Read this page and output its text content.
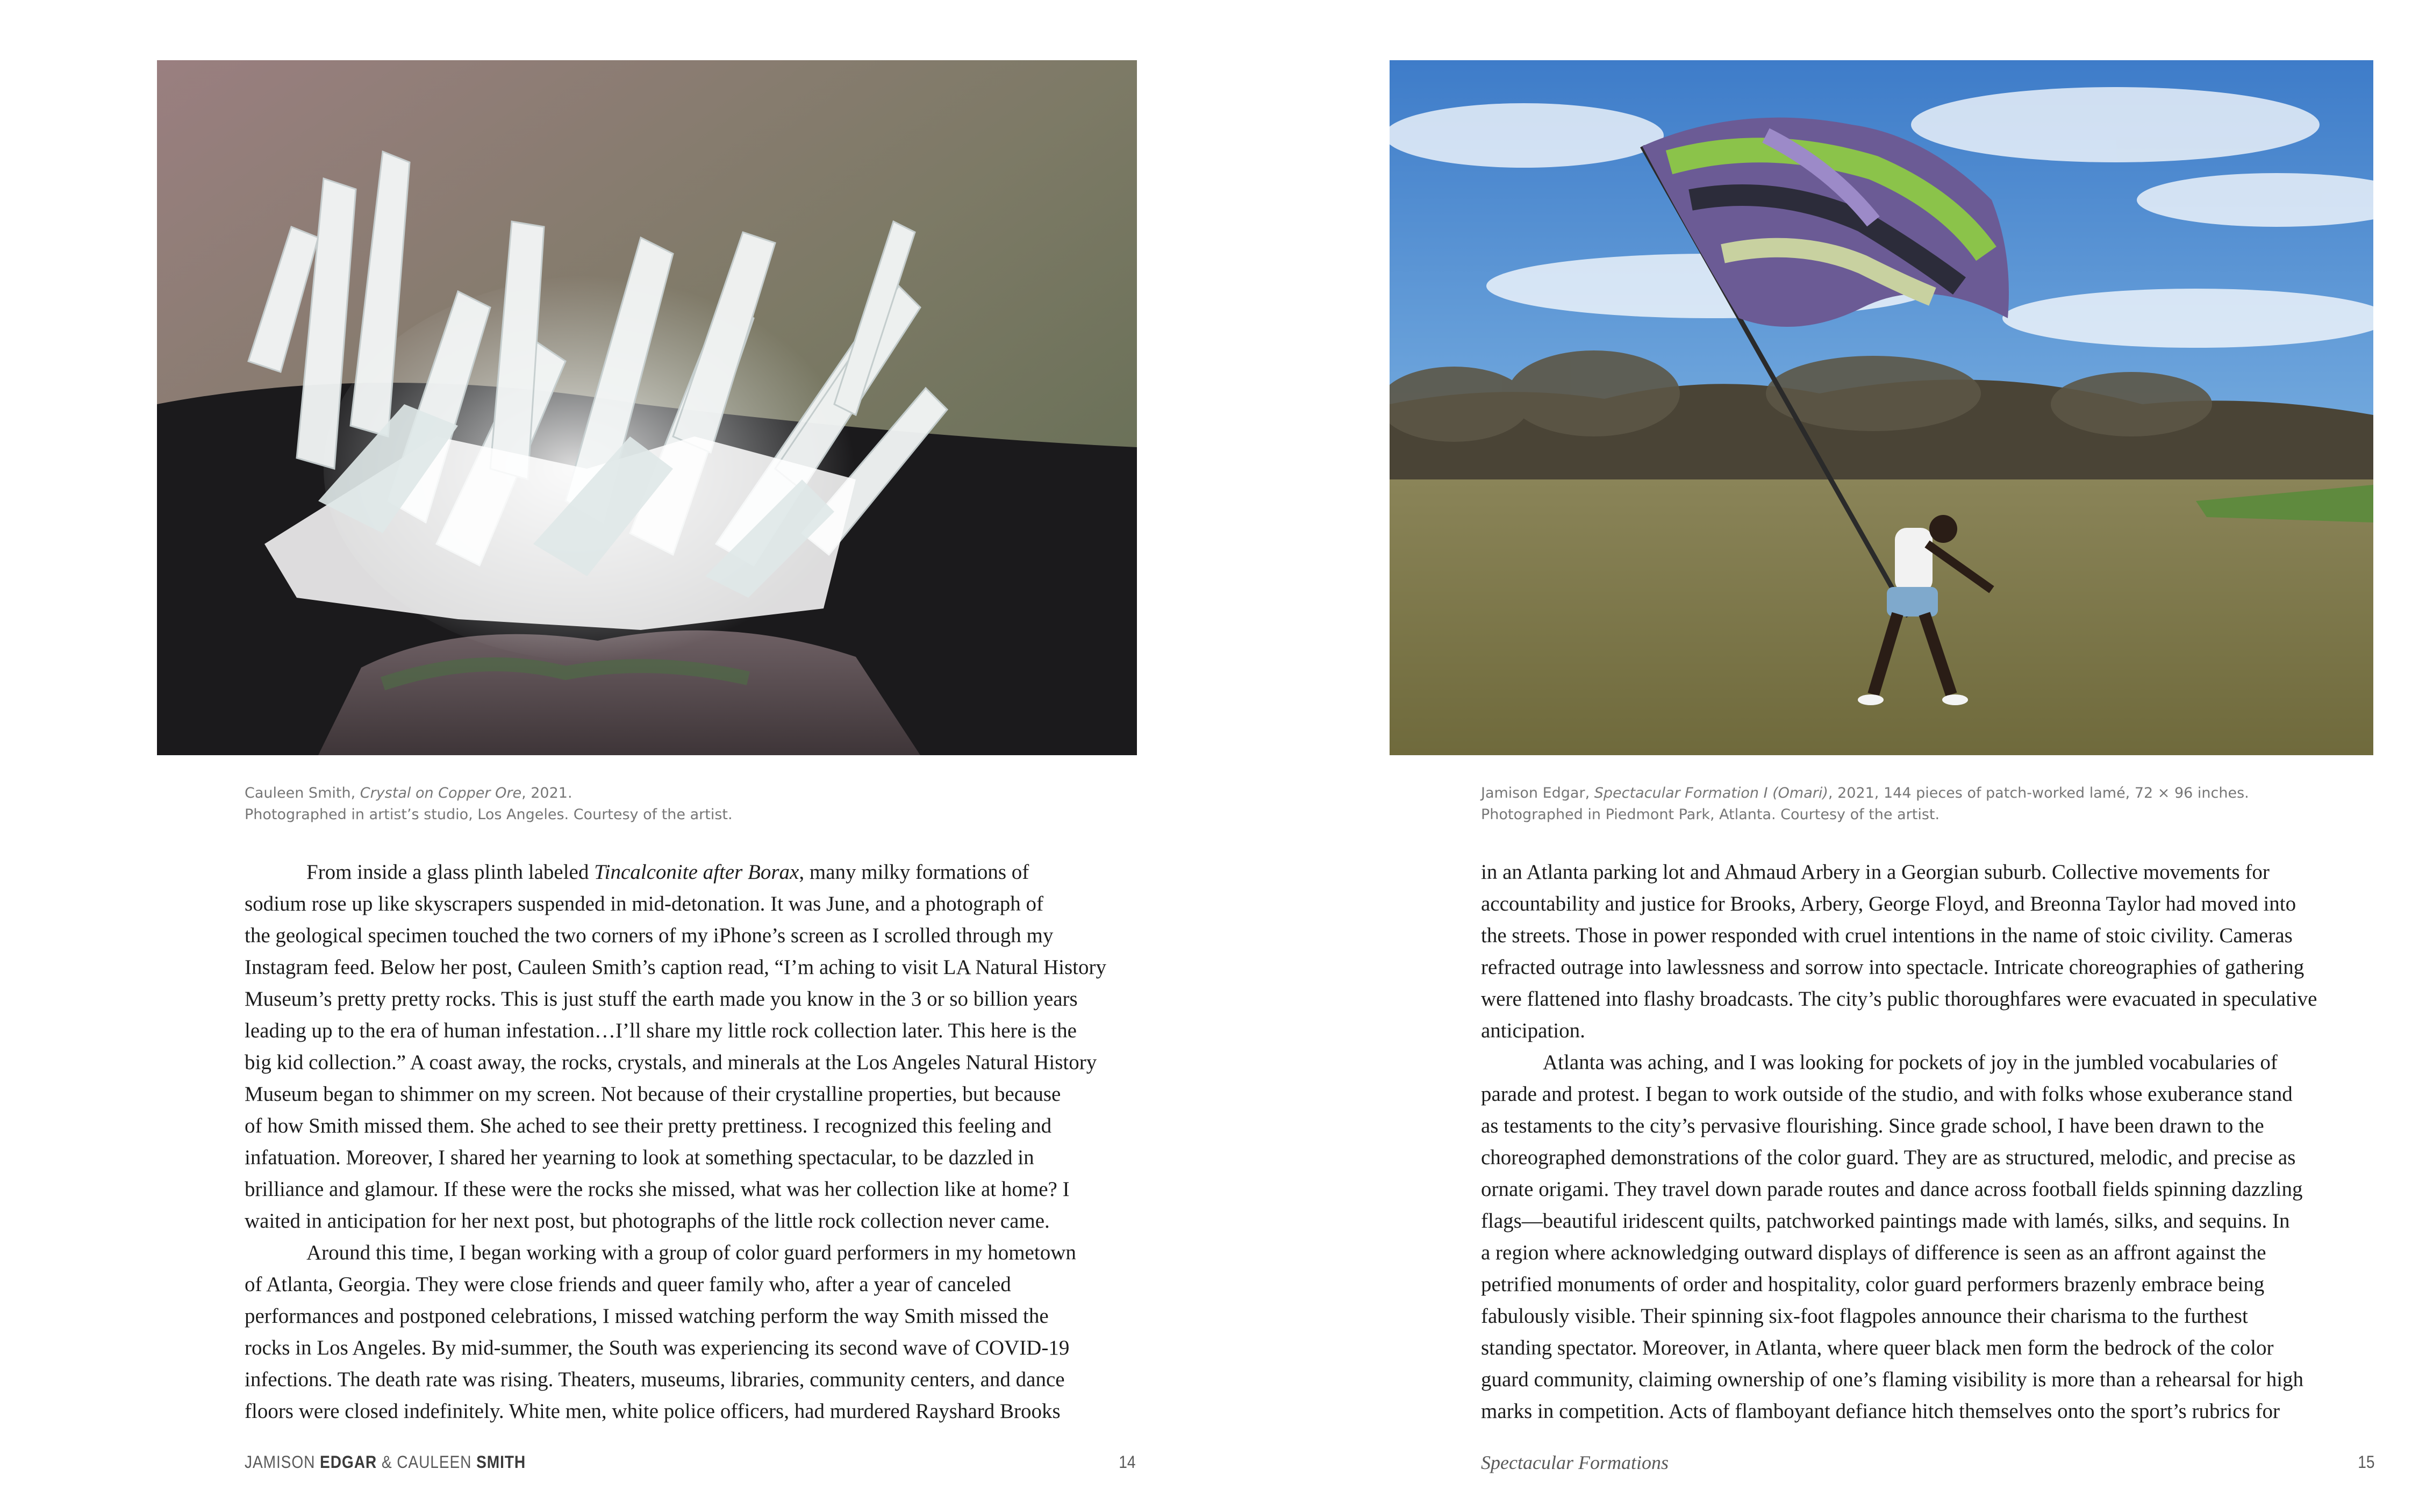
Cauleen Smith, Crystal on Copper Ore, 2021.
Photographed in artist’s studio, Los Angeles. Courtesy of the artist.

From inside a glass plinth labeled Tincalconite after Borax, many milky formations of

sodium rose up like skyscrapers suspended in mid-detonation. It was June, and a photograph of

the geological specimen touched the two corners of my iPhone’s screen as I scrolled through my

Instagram feed. Below her post, Cauleen Smith’s caption read, “I’m aching to visit LA Natural History

Museum’s pretty pretty rocks. This is just stuff the earth made you know in the 3 or so billion years

leading up to the era of human infestation…I’ll share my little rock collection later. This here is the

big kid collection.” A coast away, the rocks, crystals, and minerals at the Los Angeles Natural History

Museum began to shimmer on my screen. Not because of their crystalline properties, but because

of how Smith missed them. She ached to see their pretty prettiness. I recognized this feeling and

infatuation. Moreover, I shared her yearning to look at something spectacular, to be dazzled in

brilliance and glamour. If these were the rocks she missed, what was her collection like at home? I

waited in anticipation for her next post, but photographs of the little rock collection never came.

Around this time, I began working with a group of color guard performers in my hometown

of Atlanta, Georgia. They were close friends and queer family who, after a year of canceled

performances and postponed celebrations, I missed watching perform the way Smith missed the

rocks in Los Angeles. By mid-summer, the South was experiencing its second wave of COVID-19

infections. The death rate was rising. Theaters, museums, libraries, community centers, and dance

floors were closed indefinitely. White men, white police officers, had murdered Rayshard Brooks

JAMISON EDGAR & CAULEEN SMITH	14
Jamison Edgar, Spectacular Formation I (Omari), 2021, 144 pieces of patch-worked lamé, 72 × 96 inches.
Photographed in Piedmont Park, Atlanta. Courtesy of the artist.

in an Atlanta parking lot and Ahmaud Arbery in a Georgian suburb. Collective movements for

accountability and justice for Brooks, Arbery, George Floyd, and Breonna Taylor had moved into

the streets. Those in power responded with cruel intentions in the name of stoic civility. Cameras

refracted outrage into lawlessness and sorrow into spectacle. Intricate choreographies of gathering

were flattened into flashy broadcasts. The city’s public thoroughfares were evacuated in speculative

anticipation.

Atlanta was aching, and I was looking for pockets of joy in the jumbled vocabularies of

parade and protest. I began to work outside of the studio, and with folks whose exuberance stand

as testaments to the city’s pervasive flourishing. Since grade school, I have been drawn to the

choreographed demonstrations of the color guard. They are as structured, melodic, and precise as

ornate origami. They travel down parade routes and dance across football fields spinning dazzling

flags—beautiful iridescent quilts, patchworked paintings made with lamés, silks, and sequins. In

a region where acknowledging outward displays of difference is seen as an affront against the

petrified monuments of order and hospitality, color guard performers brazenly embrace being

fabulously visible. Their spinning six-foot flagpoles announce their charisma to the furthest

standing spectator. Moreover, in Atlanta, where queer black men form the bedrock of the color

guard community, claiming ownership of one’s flaming visibility is more than a rehearsal for high

marks in competition. Acts of flamboyant defiance hitch themselves onto the sport’s rubrics for

Spectacular Formations	15
